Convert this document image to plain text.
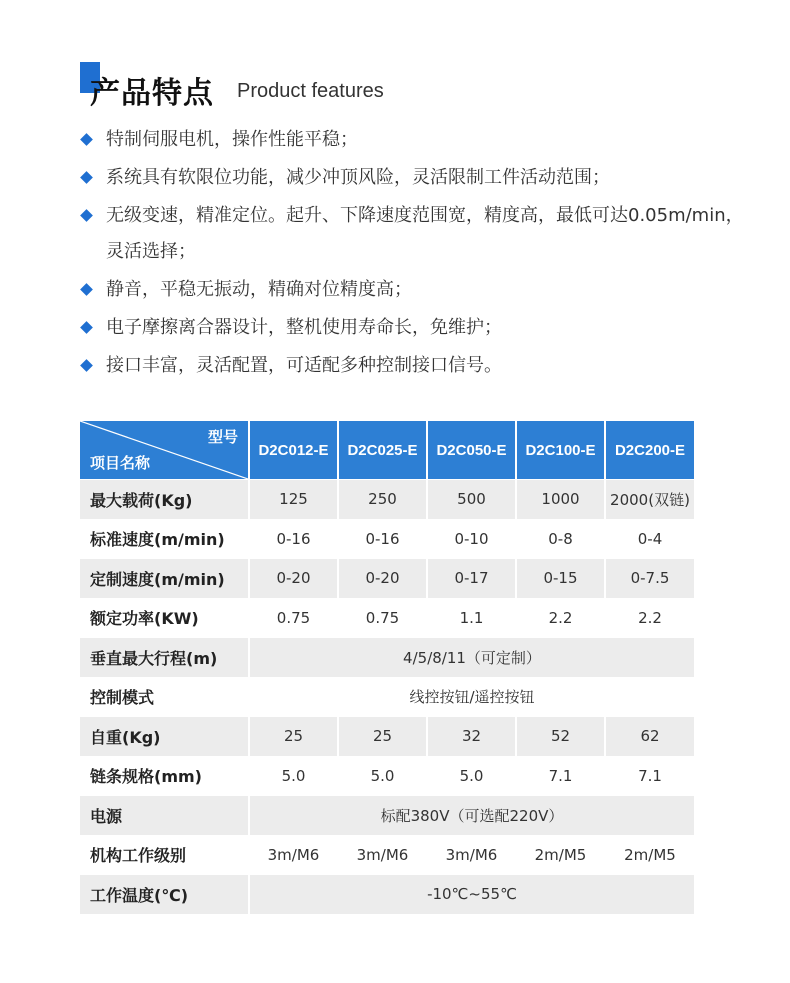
产品特点 Product features
特制伺服电机，操作性能平稳；
系统具有软限位功能，减少冲顶风险，灵活限制工件活动范围；
无级变速，精准定位。起升、下降速度范围宽，精度高，最低可达0.05m/min，灵活选择；
静音，平稳无振动，精确对位精度高；
电子摩擦离合器设计，整机使用寿命长，免维护；
接口丰富，灵活配置，可适配多种控制接口信号。
型号
项目名称	D2C012-E	D2C025-E	D2C050-E	D2C100-E	D2C200-E
最大载荷(Kg)	125	250	500	1000	2000(双链)
标准速度(m/min)	0-16	0-16	0-10	0-8	0-4
定制速度(m/min)	0-20	0-20	0-17	0-15	0-7.5
额定功率(KW)	0.75	0.75	1.1	2.2	2.2
垂直最大行程(m)	4/5/8/11（可定制）				
控制模式	线控按钮/遥控按钮				
自重(Kg)	25	25	32	52	62
链条规格(mm)	5.0	5.0	5.0	7.1	7.1
电源	标配380V（可选配220V）				
机构工作级别	3m/M6	3m/M6	3m/M6	2m/M5	2m/M5
工作温度(℃)	-10℃~55℃				
